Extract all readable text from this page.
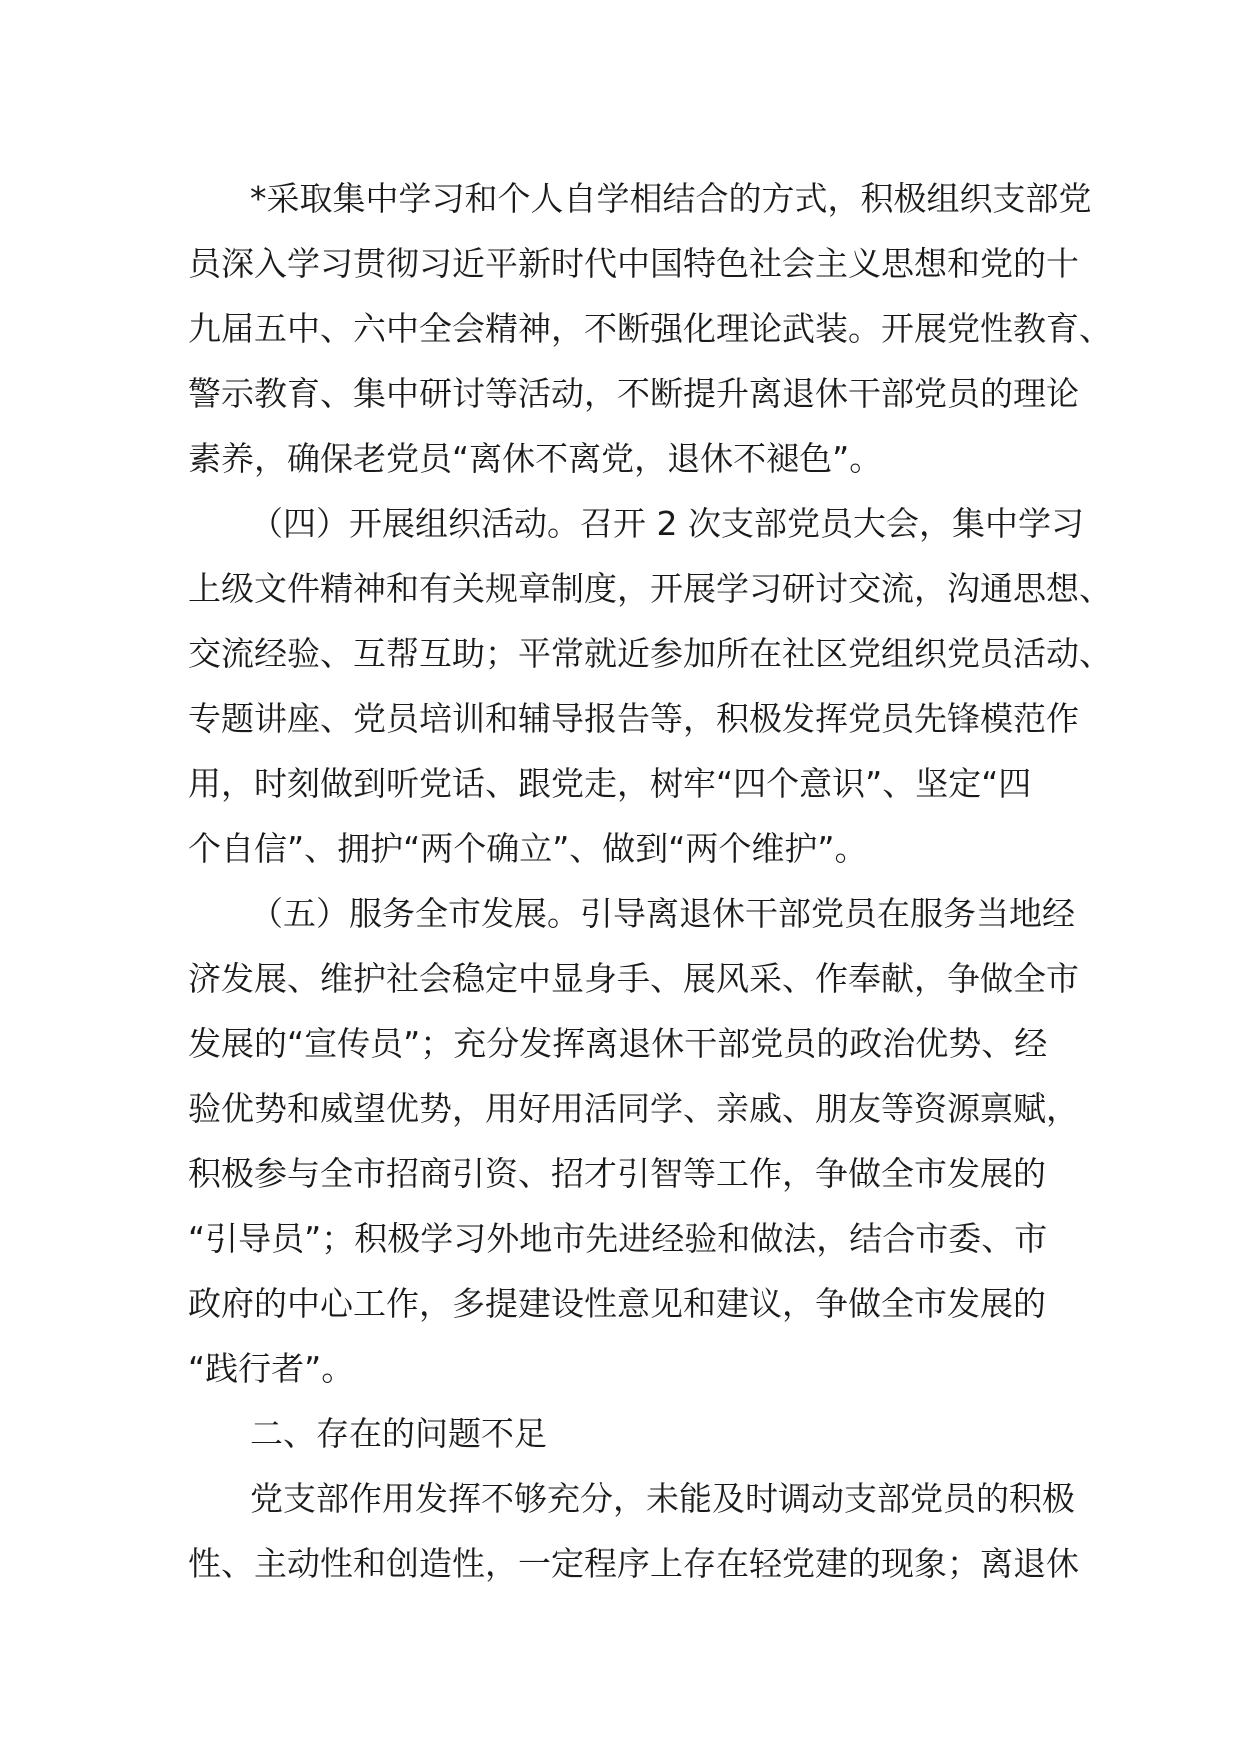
*采取集中学习和个人自学相结合的方式，积极组织支部党
员深入学习贯彻习近平新时代中国特色社会主义思想和党的十
九届五中、六中全会精神，不断强化理论武装。开展党性教育、
警示教育、集中研讨等活动，不断提升离退休干部党员的理论
素养，确保老党员“离休不离党，退休不褪色”。
（四）开展组织活动。召开 2 次支部党员大会，集中学习
上级文件精神和有关规章制度，开展学习研讨交流，沟通思想、
交流经验、互帮互助；平常就近参加所在社区党组织党员活动、
专题讲座、党员培训和辅导报告等，积极发挥党员先锋模范作
用，时刻做到听党话、跟党走，树牢“四个意识”、坚定“四
个自信”、拥护“两个确立”、做到“两个维护”。
（五）服务全市发展。引导离退休干部党员在服务当地经
济发展、维护社会稳定中显身手、展风采、作奉献，争做全市
发展的“宣传员”；充分发挥离退休干部党员的政治优势、经
验优势和威望优势，用好用活同学、亲戚、朋友等资源禀赋，
积极参与全市招商引资、招才引智等工作，争做全市发展的
“引导员”；积极学习外地市先进经验和做法，结合市委、市
政府的中心工作，多提建设性意见和建议，争做全市发展的
“践行者”。
二、存在的问题不足
党支部作用发挥不够充分，未能及时调动支部党员的积极
性、主动性和创造性，一定程序上存在轻党建的现象；离退休
